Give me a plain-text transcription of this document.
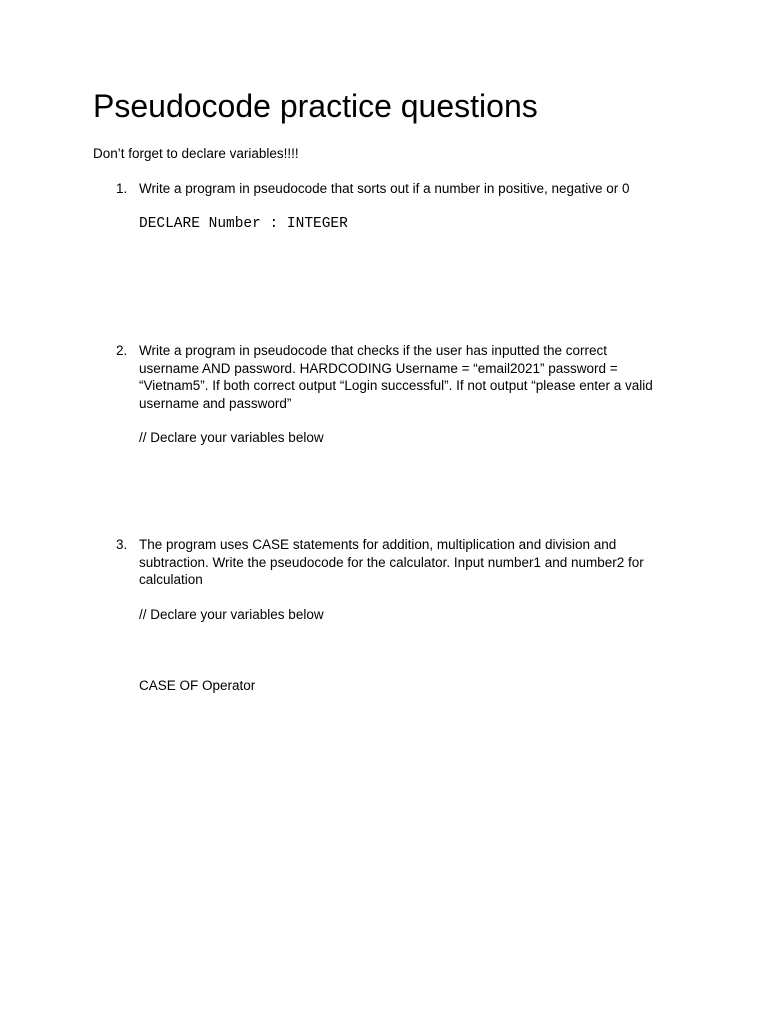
Pseudocode practice questions
Don’t forget to declare variables!!!!
1. Write a program in pseudocode that sorts out if a number in positive, negative or 0
DECLARE Number : INTEGER
2. Write a program in pseudocode that checks if the user has inputted the correct username AND password. HARDCODING Username = “email2021” password = “Vietnam5”. If both correct output “Login successful”. If not output “please enter a valid username and password”
// Declare your variables below
3. The program uses CASE statements for addition, multiplication and division and subtraction. Write the pseudocode for the calculator. Input number1 and number2 for calculation
// Declare your variables below
CASE OF Operator
